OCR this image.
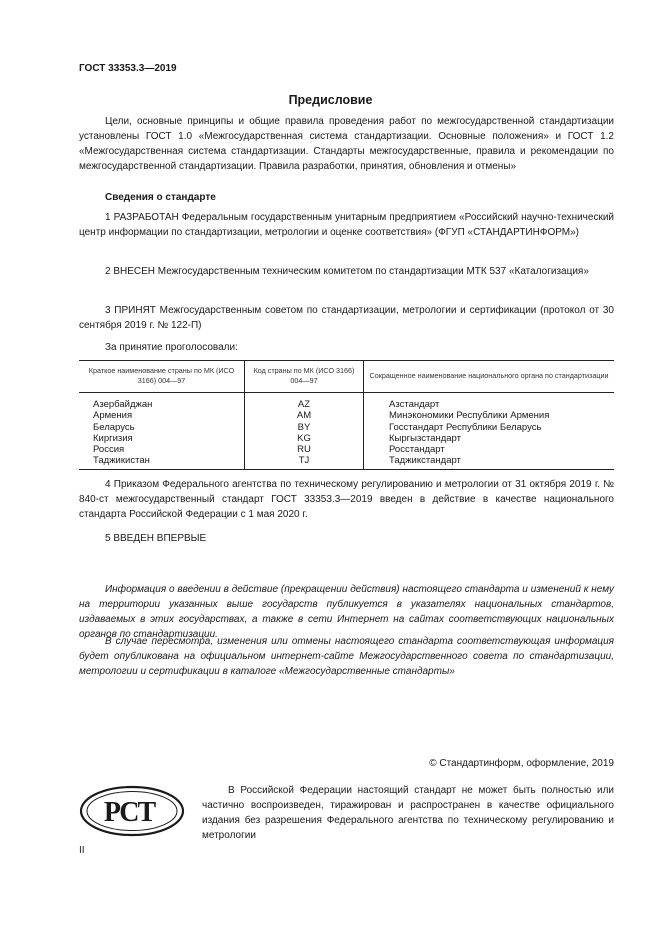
ГОСТ 33353.3—2019
Предисловие

Цели, основные принципы и общие правила проведения работ по межгосударственной стандартизации установлены ГОСТ 1.0 «Межгосударственная система стандартизации. Основные положения» и ГОСТ 1.2 «Межгосударственная система стандартизации. Стандарты межгосударственные, правила и рекомендации по межгосударственной стандартизации. Правила разработки, принятия, обновления и отмены»

Сведения о стандарте

1 РАЗРАБОТАН Федеральным государственным унитарным предприятием «Российский научно-технический центр информации по стандартизации, метрологии и оценке соответствия» (ФГУП «СТАНДАРТИНФОРМ»)

2 ВНЕСЕН Межгосударственным техническим комитетом по стандартизации МТК 537 «Каталогизация»

3 ПРИНЯТ Межгосударственным советом по стандартизации, метрологии и сертификации (протокол от 30 сентября 2019 г. № 122-П)

За принятие проголосовали:
Краткое наименование страны по МК (ИСО 3166) 004—97	Код страны по МК (ИСО 3166) 004—97	Сокращенное наименование национального органа по стандартизации
Азербайджан	AZ	Азстандарт
Армения	AM	Минэкономики Республики Армения
Беларусь	BY	Госстандарт Республики Беларусь
Киргизия	KG	Кыргызстандарт
Россия	RU	Росстандарт
Таджикистан	TJ	Таджикстандарт

4 Приказом Федерального агентства по техническому регулированию и метрологии от 31 октября 2019 г. № 840-ст межгосударственный стандарт ГОСТ 33353.3—2019 введен в действие в качестве национального стандарта Российской Федерации с 1 мая 2020 г.

5 ВВЕДЕН ВПЕРВЫЕ

Информация о введении в действие (прекращении действия) настоящего стандарта и изменений к нему на территории указанных выше государств публикуется в указателях национальных стандартов, издаваемых в этих государствах, а также в сети Интернет на сайтах соответствующих национальных органов по стандартизации.

В случае пересмотра, изменения или отмены настоящего стандарта соответствующая информация будет опубликована на официальном интернет-сайте Межгосударственного совета по стандартизации, метрологии и сертификации в каталоге «Межгосударственные стандарты»

© Стандартинформ, оформление, 2019
РСТ

В Российской Федерации настоящий стандарт не может быть полностью или частично воспроизведен, тиражирован и распространен в качестве официального издания без разрешения Федерального агентства по техническому регулированию и метрологии

II
